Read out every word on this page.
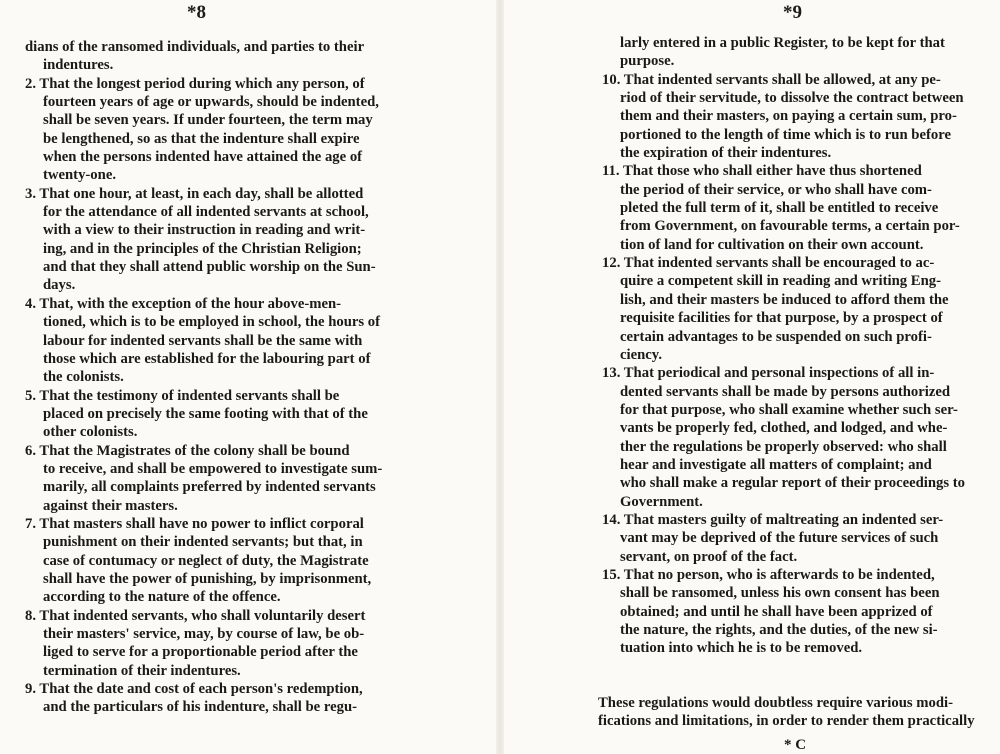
*8
dians of the ransomed individuals, and parties to their
indentures.
2. That the longest period during which any person, of
fourteen years of age or upwards, should be indented,
shall be seven years. If under fourteen, the term may
be lengthened, so as that the indenture shall expire
when the persons indented have attained the age of
twenty-one.
3. That one hour, at least, in each day, shall be allotted
for the attendance of all indented servants at school,
with a view to their instruction in reading and writ-
ing, and in the principles of the Christian Religion;
and that they shall attend public worship on the Sun-
days.
4. That, with the exception of the hour above-men-
tioned, which is to be employed in school, the hours of
labour for indented servants shall be the same with
those which are established for the labouring part of
the colonists.
5. That the testimony of indented servants shall be
placed on precisely the same footing with that of the
other colonists.
6. That the Magistrates of the colony shall be bound
to receive, and shall be empowered to investigate sum-
marily, all complaints preferred by indented servants
against their masters.
7. That masters shall have no power to inflict corporal
punishment on their indented servants; but that, in
case of contumacy or neglect of duty, the Magistrate
shall have the power of punishing, by imprisonment,
according to the nature of the offence.
8. That indented servants, who shall voluntarily desert
their masters' service, may, by course of law, be ob-
liged to serve for a proportionable period after the
termination of their indentures.
9. That the date and cost of each person's redemption,
and the particulars of his indenture, shall be regu-
*9
larly entered in a public Register, to be kept for that
purpose.
10. That indented servants shall be allowed, at any pe-
riod of their servitude, to dissolve the contract between
them and their masters, on paying a certain sum, pro-
portioned to the length of time which is to run before
the expiration of their indentures.
11. That those who shall either have thus shortened
the period of their service, or who shall have com-
pleted the full term of it, shall be entitled to receive
from Government, on favourable terms, a certain por-
tion of land for cultivation on their own account.
12. That indented servants shall be encouraged to ac-
quire a competent skill in reading and writing Eng-
lish, and their masters be induced to afford them the
requisite facilities for that purpose, by a prospect of
certain advantages to be suspended on such profi-
ciency.
13. That periodical and personal inspections of all in-
dented servants shall be made by persons authorized
for that purpose, who shall examine whether such ser-
vants be properly fed, clothed, and lodged, and whe-
ther the regulations be properly observed: who shall
hear and investigate all matters of complaint; and
who shall make a regular report of their proceedings to
Government.
14. That masters guilty of maltreating an indented ser-
vant may be deprived of the future services of such
servant, on proof of the fact.
15. That no person, who is afterwards to be indented,
shall be ransomed, unless his own consent has been
obtained; and until he shall have been apprized of
the nature, the rights, and the duties, of the new si-
tuation into which he is to be removed.
These regulations would doubtless require various modi-
fications and limitations, in order to render them practically
* C
